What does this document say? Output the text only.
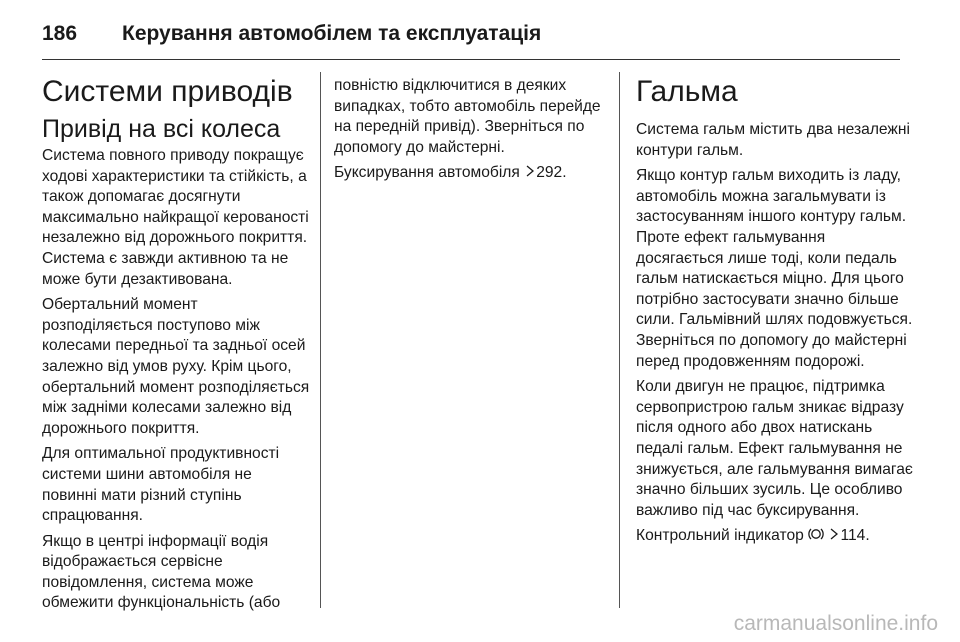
186	Керування автомобілем та експлуатація
Системи приводів
Привід на всі колеса

Система повного приводу покращує ходові характеристики та стійкість, а також допомагає досягнути максимально найкращої керованості незалежно від дорожнього покриття. Система є завжди активною та не може бути дезактивована.

Обертальний момент розподіляється поступово між колесами передньої та задньої осей залежно від умов руху. Крім цього, обертальний момент розподіляється між задніми колесами залежно від дорожнього покриття.

Для оптимальної продуктивності системи шини автомобіля не повинні мати різний ступінь спрацювання.

Якщо в центрі інформації водія відображається сервісне повідомлення, система може обмежити функціональність (або

повністю відключитися в деяких випадках, тобто автомобіль перейде на передній привід). Зверніться по допомогу до майстерні.

Буксирування автомобіля 292.

Гальма

Система гальм містить два незалежні контури гальм.

Якщо контур гальм виходить із ладу, автомобіль можна загальмувати із застосуванням іншого контуру гальм. Проте ефект гальмування досягається лише тоді, коли педаль гальм натискається міцно. Для цього потрібно застосувати значно більше сили. Гальмівний шлях подовжується. Зверніться по допомогу до майстерні перед продовженням подорожі.

Коли двигун не працює, підтримка сервопристрою гальм зникає відразу після одного або двох натискань педалі гальм. Ефект гальмування не знижується, але гальмування вимагає значно більших зусиль. Це особливо важливо під час буксирування.

Контрольний індикатор 114.

carmanualsonline.info
